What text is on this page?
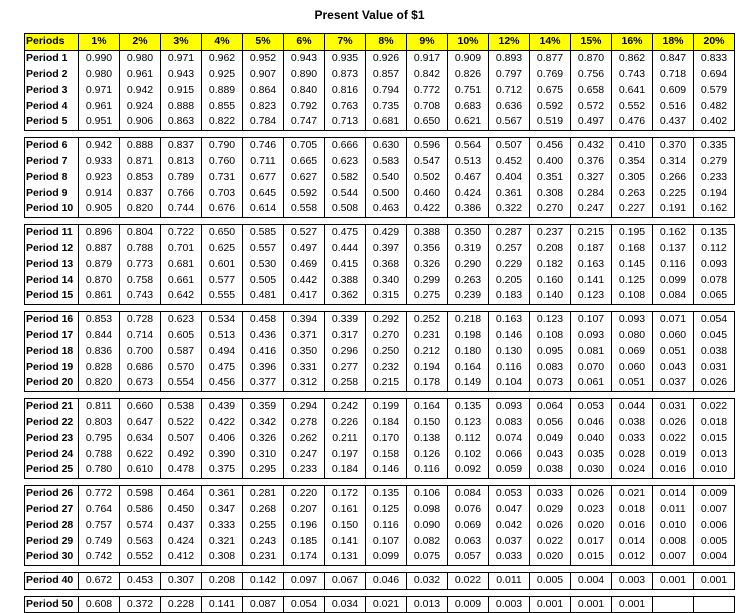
Present Value of $1
Periods	1%	2%	3%	4%	5%	6%	7%	8%	9%	10%	12%	14%	15%	16%	18%	20%
Period 1	0.990	0.980	0.971	0.962	0.952	0.943	0.935	0.926	0.917	0.909	0.893	0.877	0.870	0.862	0.847	0.833
Period 2	0.980	0.961	0.943	0.925	0.907	0.890	0.873	0.857	0.842	0.826	0.797	0.769	0.756	0.743	0.718	0.694
Period 3	0.971	0.942	0.915	0.889	0.864	0.840	0.816	0.794	0.772	0.751	0.712	0.675	0.658	0.641	0.609	0.579
Period 4	0.961	0.924	0.888	0.855	0.823	0.792	0.763	0.735	0.708	0.683	0.636	0.592	0.572	0.552	0.516	0.482
Period 5	0.951	0.906	0.863	0.822	0.784	0.747	0.713	0.681	0.650	0.621	0.567	0.519	0.497	0.476	0.437	0.402

Period 6	0.942	0.888	0.837	0.790	0.746	0.705	0.666	0.630	0.596	0.564	0.507	0.456	0.432	0.410	0.370	0.335
Period 7	0.933	0.871	0.813	0.760	0.711	0.665	0.623	0.583	0.547	0.513	0.452	0.400	0.376	0.354	0.314	0.279
Period 8	0.923	0.853	0.789	0.731	0.677	0.627	0.582	0.540	0.502	0.467	0.404	0.351	0.327	0.305	0.266	0.233
Period 9	0.914	0.837	0.766	0.703	0.645	0.592	0.544	0.500	0.460	0.424	0.361	0.308	0.284	0.263	0.225	0.194
Period 10	0.905	0.820	0.744	0.676	0.614	0.558	0.508	0.463	0.422	0.386	0.322	0.270	0.247	0.227	0.191	0.162

Period 11	0.896	0.804	0.722	0.650	0.585	0.527	0.475	0.429	0.388	0.350	0.287	0.237	0.215	0.195	0.162	0.135
Period 12	0.887	0.788	0.701	0.625	0.557	0.497	0.444	0.397	0.356	0.319	0.257	0.208	0.187	0.168	0.137	0.112
Period 13	0.879	0.773	0.681	0.601	0.530	0.469	0.415	0.368	0.326	0.290	0.229	0.182	0.163	0.145	0.116	0.093
Period 14	0.870	0.758	0.661	0.577	0.505	0.442	0.388	0.340	0.299	0.263	0.205	0.160	0.141	0.125	0.099	0.078
Period 15	0.861	0.743	0.642	0.555	0.481	0.417	0.362	0.315	0.275	0.239	0.183	0.140	0.123	0.108	0.084	0.065

Period 16	0.853	0.728	0.623	0.534	0.458	0.394	0.339	0.292	0.252	0.218	0.163	0.123	0.107	0.093	0.071	0.054
Period 17	0.844	0.714	0.605	0.513	0.436	0.371	0.317	0.270	0.231	0.198	0.146	0.108	0.093	0.080	0.060	0.045
Period 18	0.836	0.700	0.587	0.494	0.416	0.350	0.296	0.250	0.212	0.180	0.130	0.095	0.081	0.069	0.051	0.038
Period 19	0.828	0.686	0.570	0.475	0.396	0.331	0.277	0.232	0.194	0.164	0.116	0.083	0.070	0.060	0.043	0.031
Period 20	0.820	0.673	0.554	0.456	0.377	0.312	0.258	0.215	0.178	0.149	0.104	0.073	0.061	0.051	0.037	0.026

Period 21	0.811	0.660	0.538	0.439	0.359	0.294	0.242	0.199	0.164	0.135	0.093	0.064	0.053	0.044	0.031	0.022
Period 22	0.803	0.647	0.522	0.422	0.342	0.278	0.226	0.184	0.150	0.123	0.083	0.056	0.046	0.038	0.026	0.018
Period 23	0.795	0.634	0.507	0.406	0.326	0.262	0.211	0.170	0.138	0.112	0.074	0.049	0.040	0.033	0.022	0.015
Period 24	0.788	0.622	0.492	0.390	0.310	0.247	0.197	0.158	0.126	0.102	0.066	0.043	0.035	0.028	0.019	0.013
Period 25	0.780	0.610	0.478	0.375	0.295	0.233	0.184	0.146	0.116	0.092	0.059	0.038	0.030	0.024	0.016	0.010

Period 26	0.772	0.598	0.464	0.361	0.281	0.220	0.172	0.135	0.106	0.084	0.053	0.033	0.026	0.021	0.014	0.009
Period 27	0.764	0.586	0.450	0.347	0.268	0.207	0.161	0.125	0.098	0.076	0.047	0.029	0.023	0.018	0.011	0.007
Period 28	0.757	0.574	0.437	0.333	0.255	0.196	0.150	0.116	0.090	0.069	0.042	0.026	0.020	0.016	0.010	0.006
Period 29	0.749	0.563	0.424	0.321	0.243	0.185	0.141	0.107	0.082	0.063	0.037	0.022	0.017	0.014	0.008	0.005
Period 30	0.742	0.552	0.412	0.308	0.231	0.174	0.131	0.099	0.075	0.057	0.033	0.020	0.015	0.012	0.007	0.004

Period 40	0.672	0.453	0.307	0.208	0.142	0.097	0.067	0.046	0.032	0.022	0.011	0.005	0.004	0.003	0.001	0.001

Period 50	0.608	0.372	0.228	0.141	0.087	0.054	0.034	0.021	0.013	0.009	0.003	0.001	0.001	0.001		
